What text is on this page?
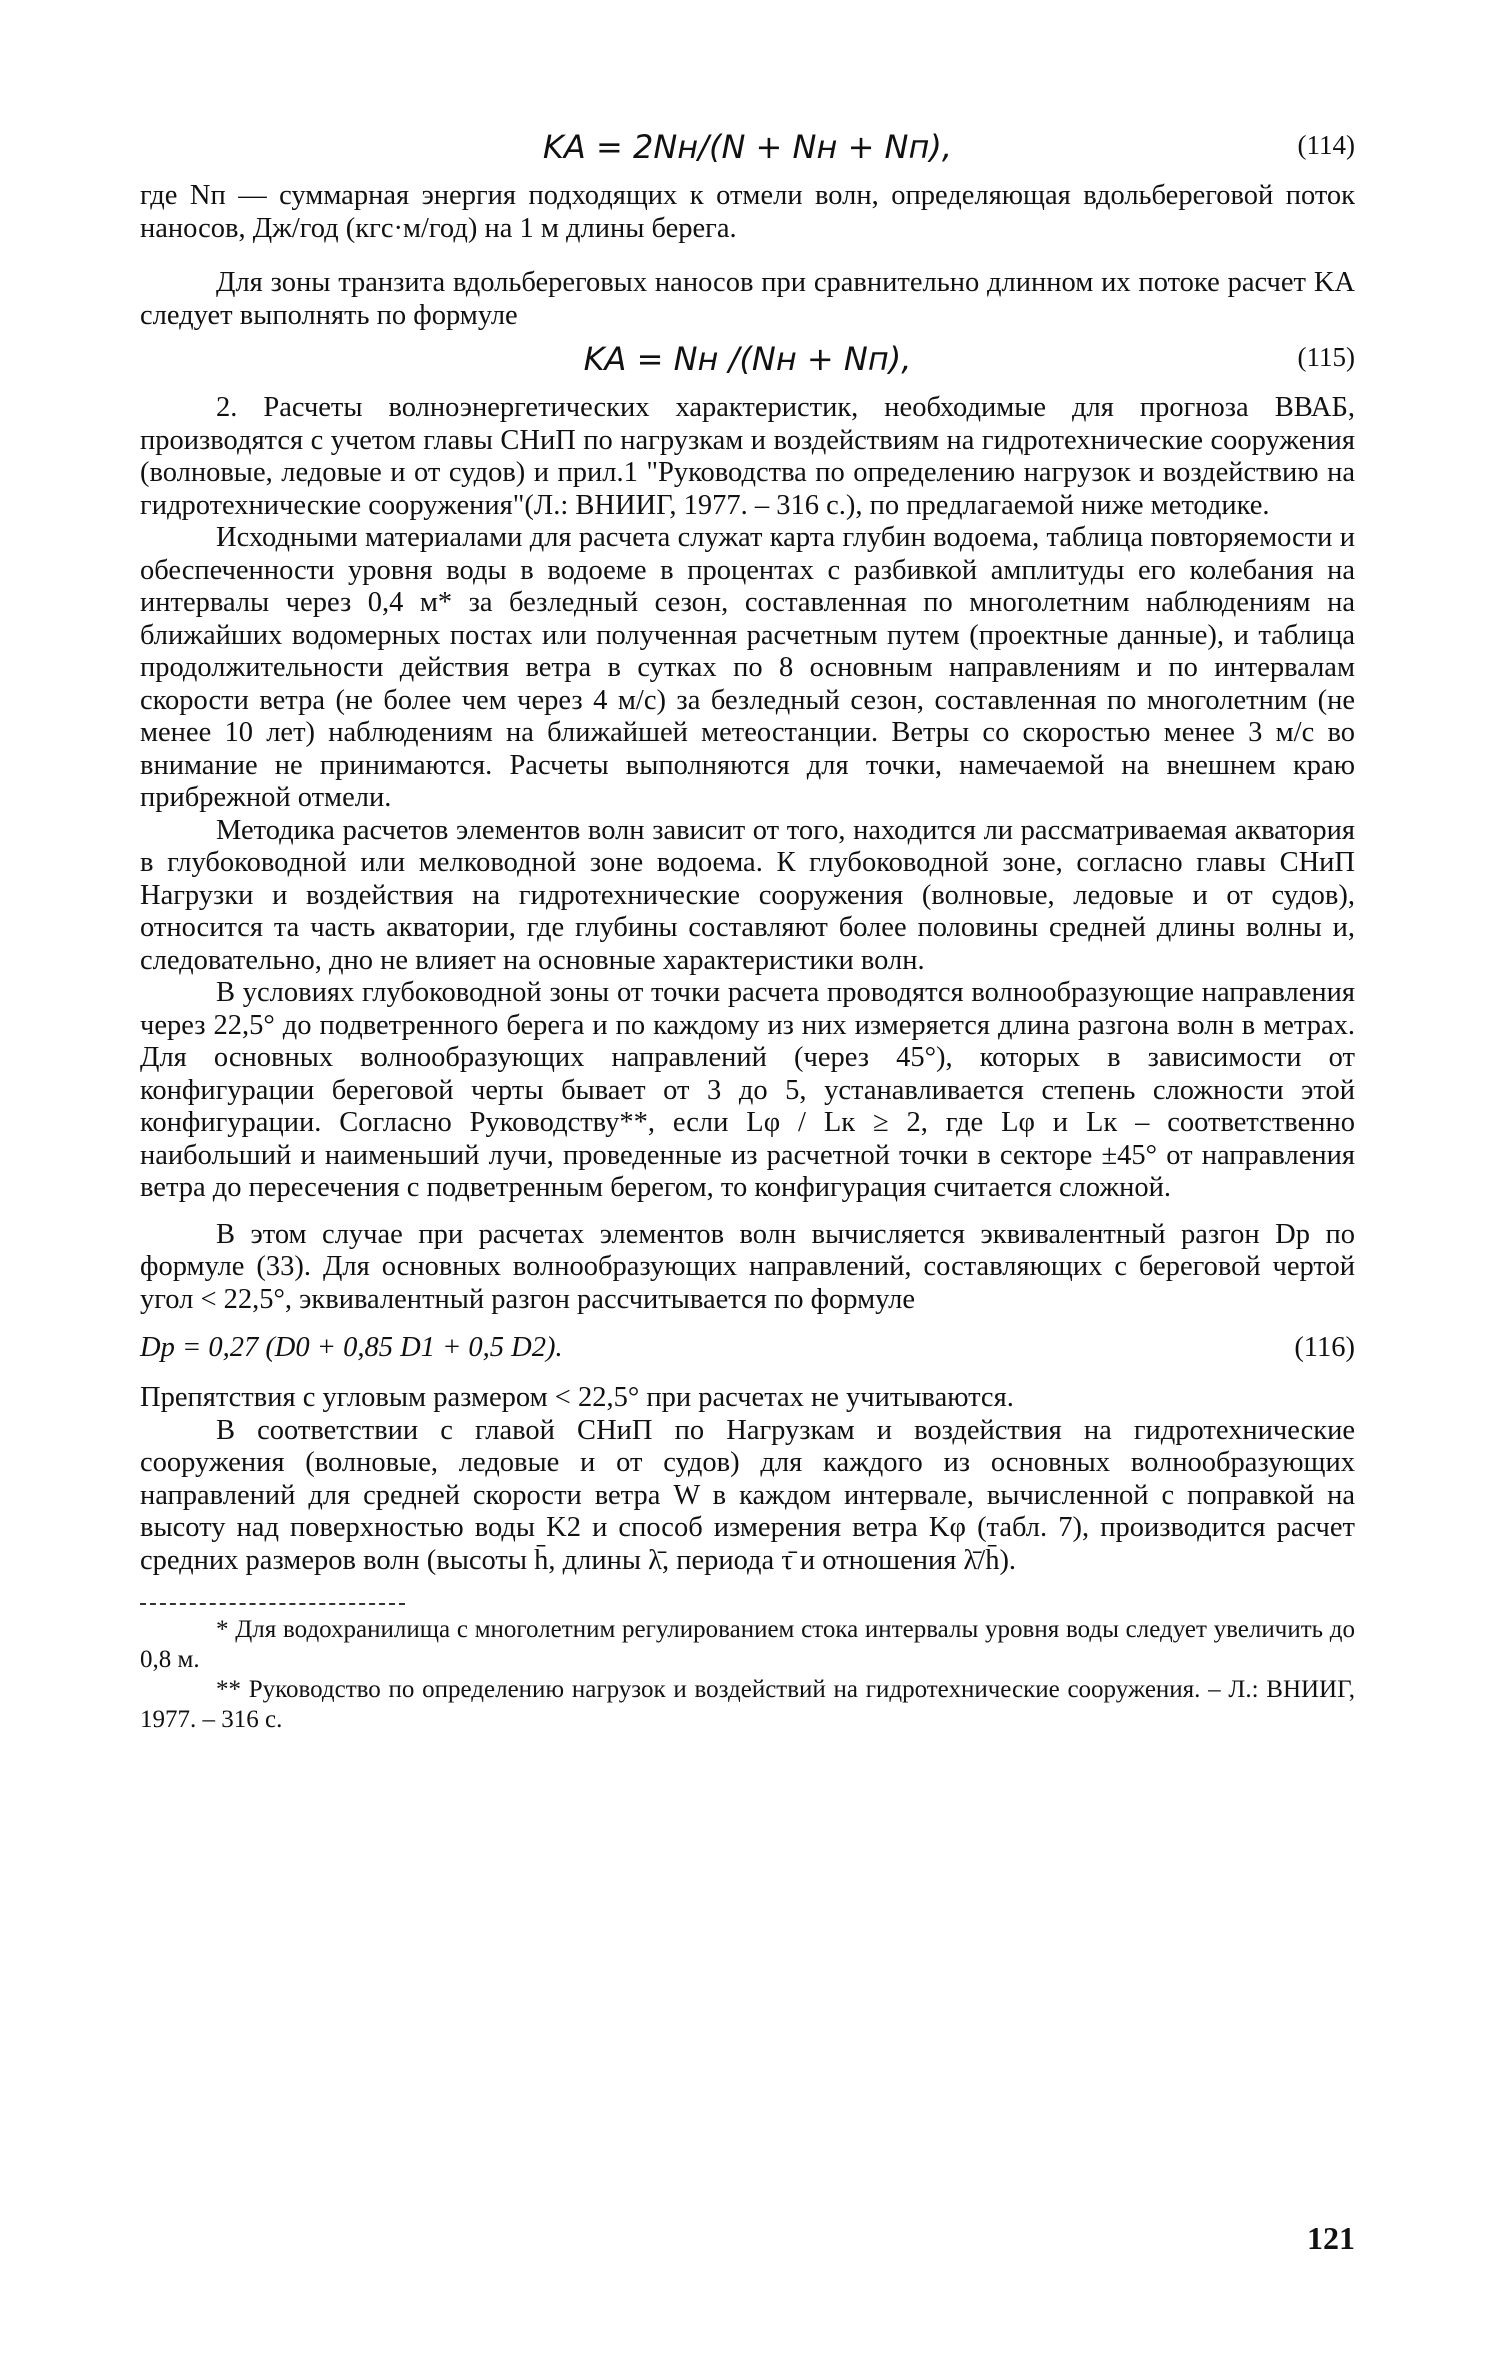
KА = 2Nн/(N + Nн + Nп),	(114)

где Nп — суммарная энергия подходящих к отмели волн, определяющая вдольбереговой поток наносов, Дж/год (кгс·м/год) на 1 м длины берега.

Для зоны транзита вдольбереговых наносов при сравнительно длинном их потоке расчет KА следует выполнять по формуле

KА = Nн /(Nн + Nп),	(115)

2. Расчеты волноэнергетических характеристик, необходимые для прогноза ВВАБ, производятся с учетом главы СНиП по нагрузкам и воздействиям на гидротехнические сооружения (волновые, ледовые и от судов) и прил.1 "Руководства по определению нагрузок и воздействию на гидротехнические сооружения"(Л.: ВНИИГ, 1977. – 316 с.), по предлагаемой ниже методике.

Исходными материалами для расчета служат карта глубин водоема, таблица повторяемости и обеспеченности уровня воды в водоеме в процентах с разбивкой амплитуды его колебания на интервалы через 0,4 м* за безледный сезон, составленная по многолетним наблюдениям на ближайших водомерных постах или полученная расчетным путем (проектные данные), и таблица продолжительности действия ветра в сутках по 8 основным направлениям и по интервалам скорости ветра (не более чем через 4 м/с) за безледный сезон, составленная по многолетним (не менее 10 лет) наблюдениям на ближайшей метеостанции. Ветры со скоростью менее 3 м/с во внимание не принимаются. Расчеты выполняются для точки, намечаемой на внешнем краю прибрежной отмели.

Методика расчетов элементов волн зависит от того, находится ли рассматриваемая акватория в глубоководной или мелководной зоне водоема. К глубоководной зоне, согласно главы СНиП Нагрузки и воздействия на гидротехнические сооружения (волновые, ледовые и от судов), относится та часть акватории, где глубины составляют более половины средней длины волны и, следовательно, дно не влияет на основные характеристики волн.

В условиях глубоководной зоны от точки расчета проводятся волнообразующие направления через 22,5° до подветренного берега и по каждому из них измеряется длина разгона волн в метрах. Для основных волнообразующих направлений (через 45°), которых в зависимости от конфигурации береговой черты бывает от 3 до 5, устанавливается степень сложности этой конфигурации. Согласно Руководству**, если Lφ / Lк ≥ 2, где Lφ и Lк – соответственно наибольший и наименьший лучи, проведенные из расчетной точки в секторе ±45° от направления ветра до пересечения с подветренным берегом, то конфигурация считается сложной.

В этом случае при расчетах элементов волн вычисляется эквивалентный разгон Dр по формуле (33). Для основных волнообразующих направлений, составляющих с береговой чертой угол < 22,5°, эквивалентный разгон рассчитывается по формуле

Dр = 0,27 (D0 + 0,85 D1 + 0,5 D2).	(116)

Препятствия с угловым размером < 22,5° при расчетах не учитываются.

В соответствии с главой СНиП по Нагрузкам и воздействия на гидротехнические сооружения (волновые, ледовые и от судов) для каждого из основных волнообразующих направлений для средней скорости ветра W в каждом интервале, вычисленной с поправкой на высоту над поверхностью воды K2 и способ измерения ветра Kφ (табл. 7), производится расчет средних размеров волн (высоты h̄, длины λ̄, периода τ̄ и отношения λ̄/h̄).

* Для водохранилища с многолетним регулированием стока интервалы уровня воды следует увеличить до 0,8 м.

** Руководство по определению нагрузок и воздействий на гидротехнические сооружения. – Л.: ВНИИГ, 1977. – 316 с.

121
